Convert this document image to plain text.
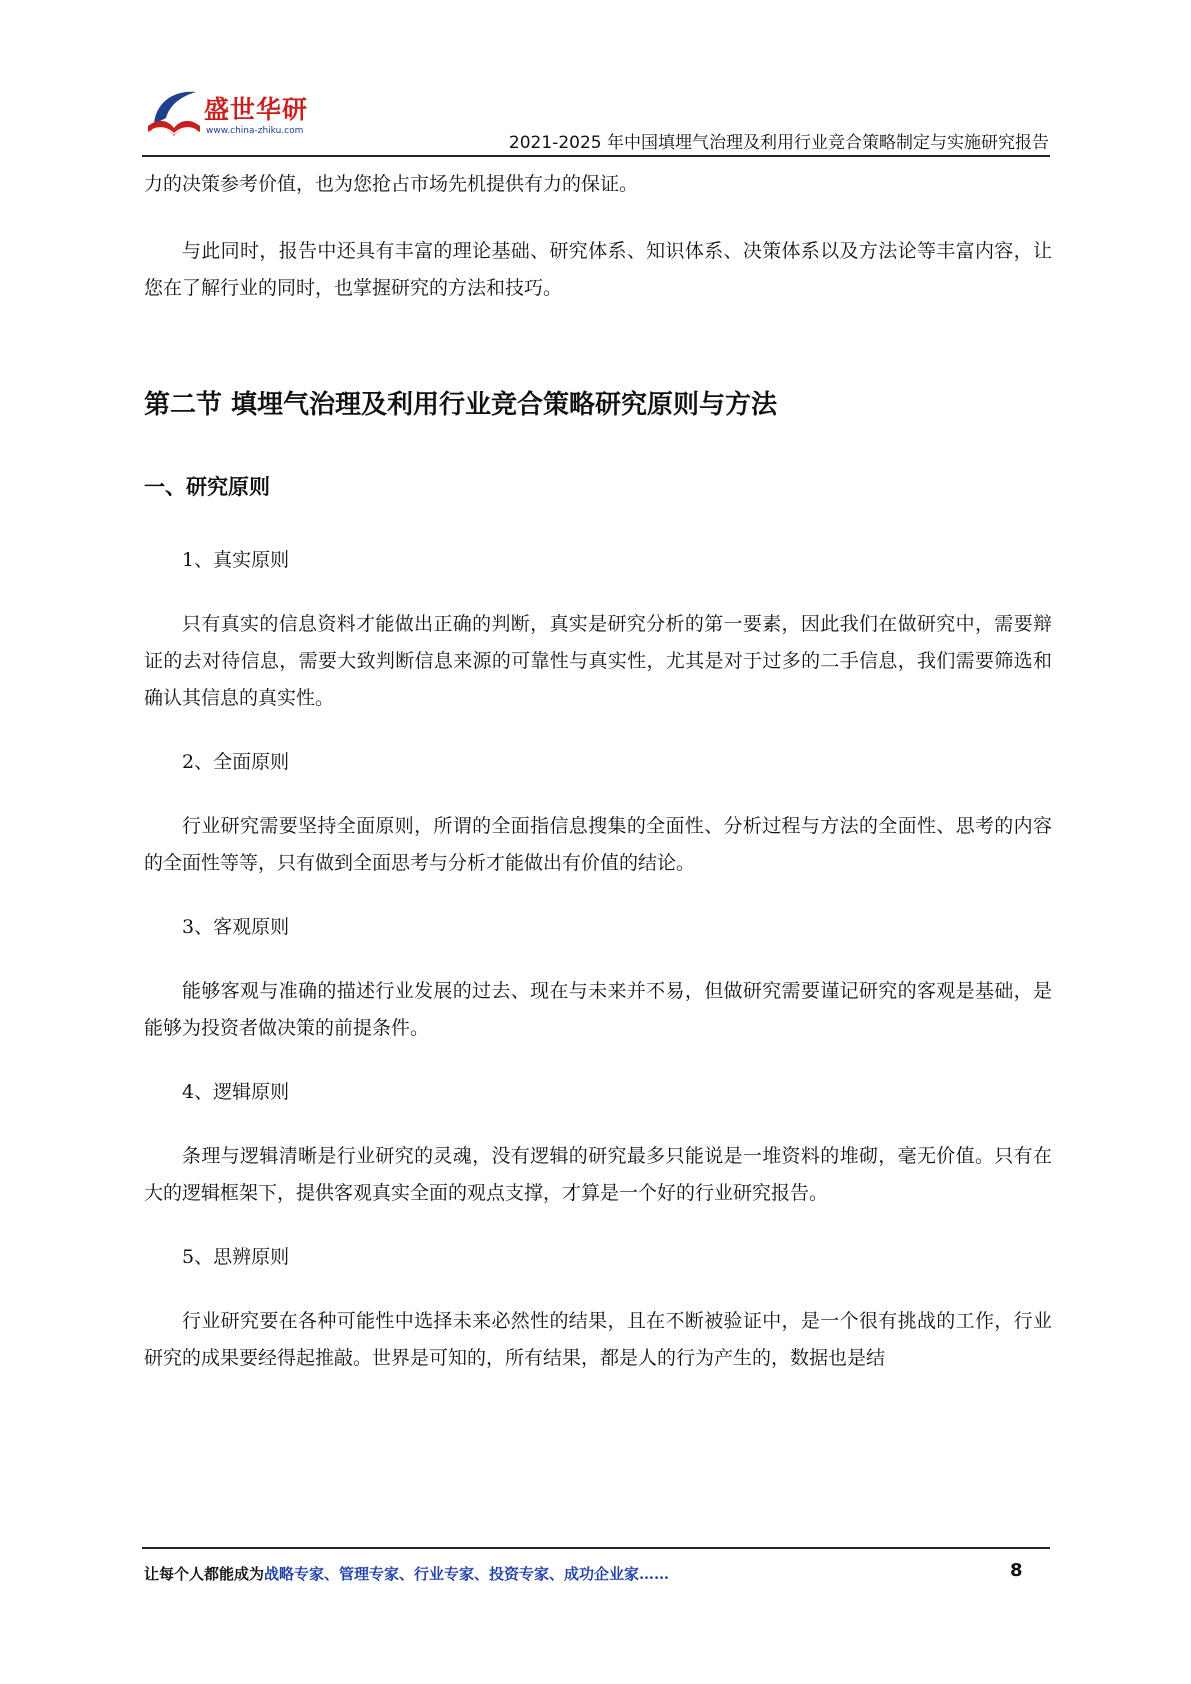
盛世华研
www.china-zhiku.com
2021-2025 年中国填埋气治理及利用行业竞合策略制定与实施研究报告

力的决策参考价值，也为您抢占市场先机提供有力的保证。

与此同时，报告中还具有丰富的理论基础、研究体系、知识体系、决策体系以及方法论等丰富内容，让您在了解行业的同时，也掌握研究的方法和技巧。

第二节 填埋气治理及利用行业竞合策略研究原则与方法
一、研究原则

1、真实原则

只有真实的信息资料才能做出正确的判断，真实是研究分析的第一要素，因此我们在做研究中，需要辩证的去对待信息，需要大致判断信息来源的可靠性与真实性，尤其是对于过多的二手信息，我们需要筛选和确认其信息的真实性。

2、全面原则

行业研究需要坚持全面原则，所谓的全面指信息搜集的全面性、分析过程与方法的全面性、思考的内容的全面性等等，只有做到全面思考与分析才能做出有价值的结论。

3、客观原则

能够客观与准确的描述行业发展的过去、现在与未来并不易，但做研究需要谨记研究的客观是基础，是能够为投资者做决策的前提条件。

4、逻辑原则

条理与逻辑清晰是行业研究的灵魂，没有逻辑的研究最多只能说是一堆资料的堆砌，毫无价值。只有在大的逻辑框架下，提供客观真实全面的观点支撑，才算是一个好的行业研究报告。

5、思辨原则

行业研究要在各种可能性中选择未来必然性的结果，且在不断被验证中，是一个很有挑战的工作，行业研究的成果要经得起推敲。世界是可知的，所有结果，都是人的行为产生的，数据也是结

让每个人都能成为战略专家、管理专家、行业专家、投资专家、成功企业家……	8
